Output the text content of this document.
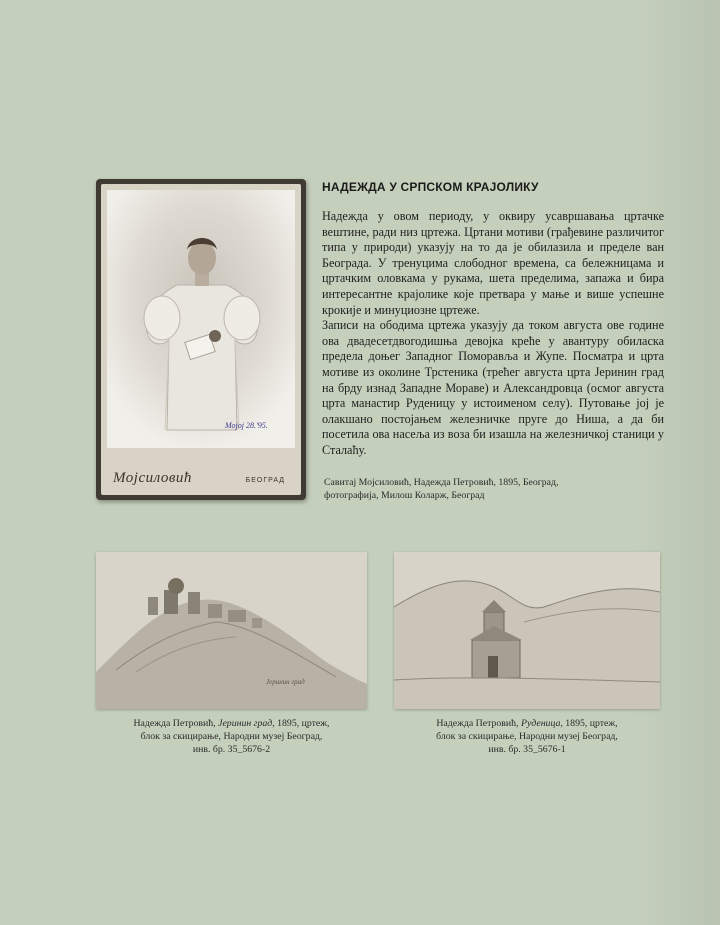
Мојој 28.'95.
Мојсиловић	БЕОГРАД
НАДЕЖДА У СРПСКОМ КРАЈОЛИКУ

Надежда у овом периоду, у оквиру усавршавања цртачке вештине, ради низ цртежа. Цртани мотиви (грађевине различитог типа у природи) указују на то да је обилазила и пределе ван Београда. У тренуцима слободног времена, са бележницама и цртачким оловкама у рукама, шета пределима, запажа и бира интересантне крајолике које претвара у мање и више успешне крокије и минуциозне цртеже.

Записи на ободима цртежа указују да током августа ове године ова двадесетдвогодишња девојка креће у авантуру обиласка предела доњег Западног Поморавља и Жупе. Посматра и црта мотиве из околине Трстеника (трећег августа црта Јеринин град на брду изнад Западне Мораве) и Александровца (осмог августа црта манастир Руденицу у истоименом селу). Путовање јој је олакшано постојањем железничке пруге до Ниша, а да би посетила ова насеља из воза би изашла на железничкој станици у Сталаћу.

Савитај Мојсиловић, Надежда Петровић, 1895, Београд,
фотографија, Милош Коларж, Београд
Јеринин град
Надежда Петровић, Јеринин град, 1895, цртеж,
блок за скицирање, Народни музеј Београд,
инв. бр. 35_5676-2
Надежда Петровић, Руденица, 1895, цртеж,
блок за скицирање, Народни музеј Београд,
инв. бр. 35_5676-1
